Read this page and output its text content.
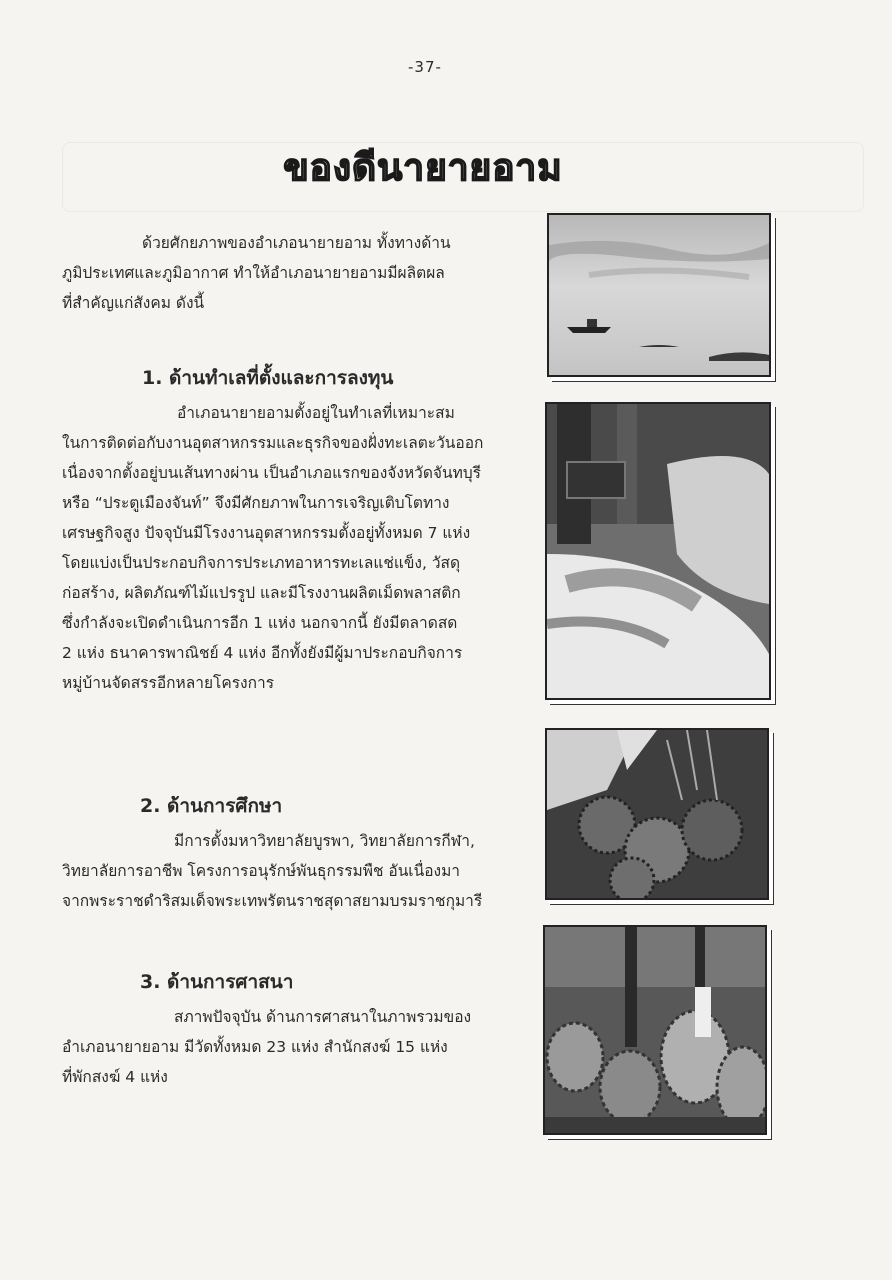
-37-
ของดีนายายอาม

ด้วยศักยภาพของอำเภอนายายอาม ทั้งทางด้าน

ภูมิประเทศและภูมิอากาศ ทำให้อำเภอนายายอามมีผลิตผล

ที่สำคัญแก่สังคม ดังนี้

1. ด้านทำเลที่ตั้งและการลงทุน

อำเภอนายายอามตั้งอยู่ในทำเลที่เหมาะสม

ในการติดต่อกับงานอุตสาหกรรมและธุรกิจของฝั่งทะเลตะวันออก

เนื่องจากตั้งอยู่บนเส้นทางผ่าน เป็นอำเภอแรกของจังหวัดจันทบุรี

หรือ “ประตูเมืองจันท์” จึงมีศักยภาพในการเจริญเติบโตทาง

เศรษฐกิจสูง ปัจจุบันมีโรงงานอุตสาหกรรมตั้งอยู่ทั้งหมด 7 แห่ง

โดยแบ่งเป็นประกอบกิจการประเภทอาหารทะเลแช่แข็ง, วัสดุ

ก่อสร้าง, ผลิตภัณฑ์ไม้แปรรูป และมีโรงงานผลิตเม็ดพลาสติก

ซึ่งกำลังจะเปิดดำเนินการอีก 1 แห่ง นอกจากนี้ ยังมีตลาดสด

2 แห่ง ธนาคารพาณิชย์ 4 แห่ง อีกทั้งยังมีผู้มาประกอบกิจการ

หมู่บ้านจัดสรรอีกหลายโครงการ

2. ด้านการศึกษา

มีการตั้งมหาวิทยาลัยบูรพา, วิทยาลัยการกีฬา,

วิทยาลัยการอาชีพ โครงการอนุรักษ์พันธุกรรมพืช อันเนื่องมา

จากพระราชดำริสมเด็จพระเทพรัตนราชสุดาสยามบรมราชกุมารี

3. ด้านการศาสนา

สภาพปัจจุบัน ด้านการศาสนาในภาพรวมของ

อำเภอนายายอาม มีวัดทั้งหมด 23 แห่ง สำนักสงฆ์ 15 แห่ง

ที่พักสงฆ์ 4 แห่ง
